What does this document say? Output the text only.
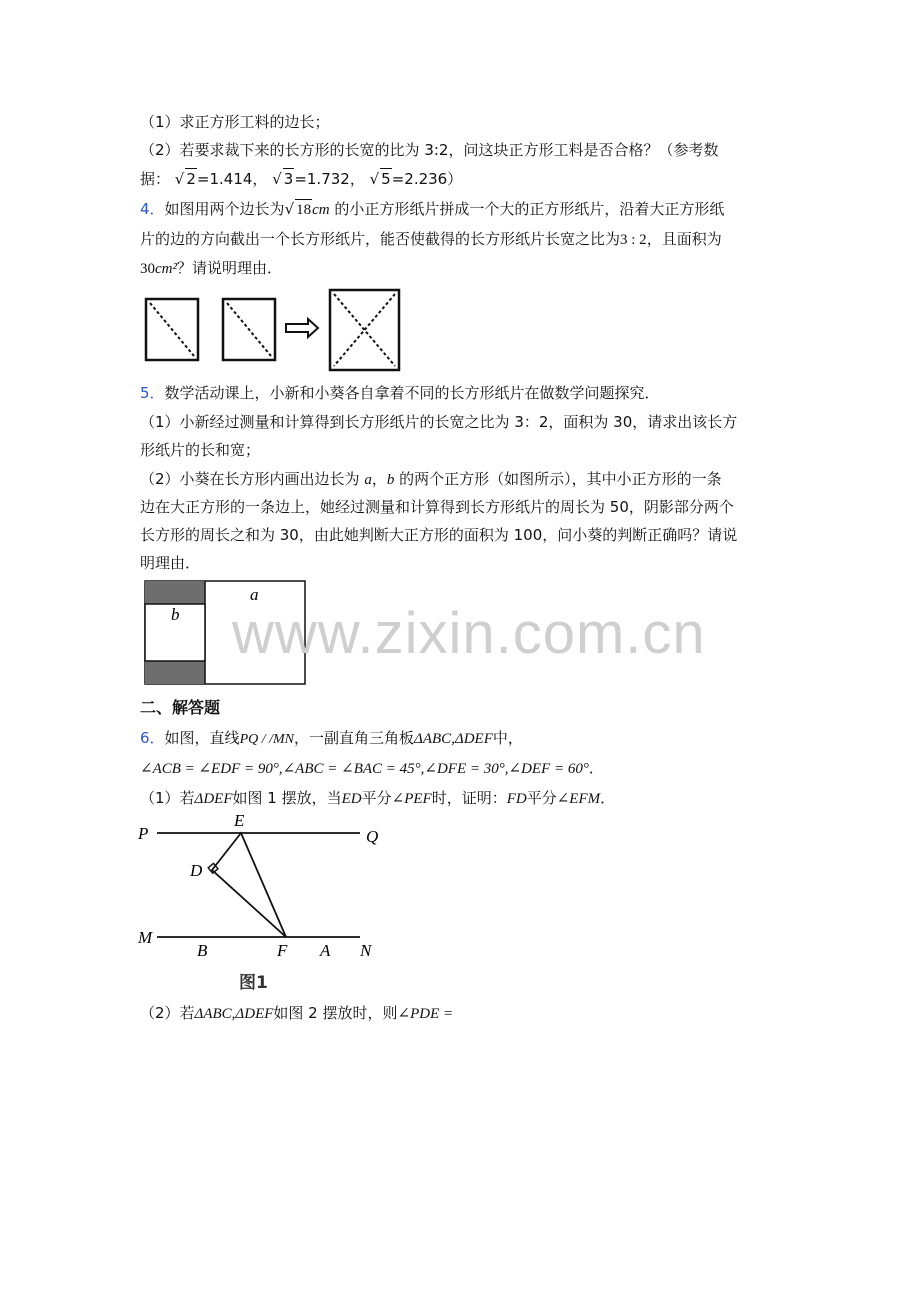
（1）求正方形工料的边长；
（2）若要求裁下来的长方形的长宽的比为 3:2，问这块正方形工料是否合格？（参考数
据： √ 2=1.414， √ 3=1.732， √ 5=2.236）
4．如图用两个边长为√ 18cm 的小正方形纸片拼成一个大的正方形纸片，沿着大正方形纸
片的边的方向截出一个长方形纸片，能否使截得的长方形纸片长宽之比为3 : 2，且面积为
30cm²？请说明理由．
5．数学活动课上，小新和小葵各自拿着不同的长方形纸片在做数学问题探究．
（1）小新经过测量和计算得到长方形纸片的长宽之比为 3：2，面积为 30，请求出该长方
形纸片的长和宽；
（2）小葵在长方形内画出边长为 a，b 的两个正方形（如图所示），其中小正方形的一条
边在大正方形的一条边上，她经过测量和计算得到长方形纸片的周长为 50，阴影部分两个
长方形的周长之和为 30，由此她判断大正方形的面积为 100，问小葵的判断正确吗？请说
明理由．
a
b www.zixin.com.cn
二、解答题
6．如图，直线PQ / /MN，一副直角三角板ΔABC,ΔDEF中，
∠ACB = ∠EDF = 90°,∠ABC = ∠BAC = 45°,∠DFE = 30°,∠DEF = 60°．
（1）若ΔDEF如图 1 摆放，当ED平分∠PEF时，证明：FD平分∠EFM．
P	Q
E
D
M
B	F A N
图1
（2）若ΔABC,ΔDEF如图 2 摆放时，则∠PDE =
